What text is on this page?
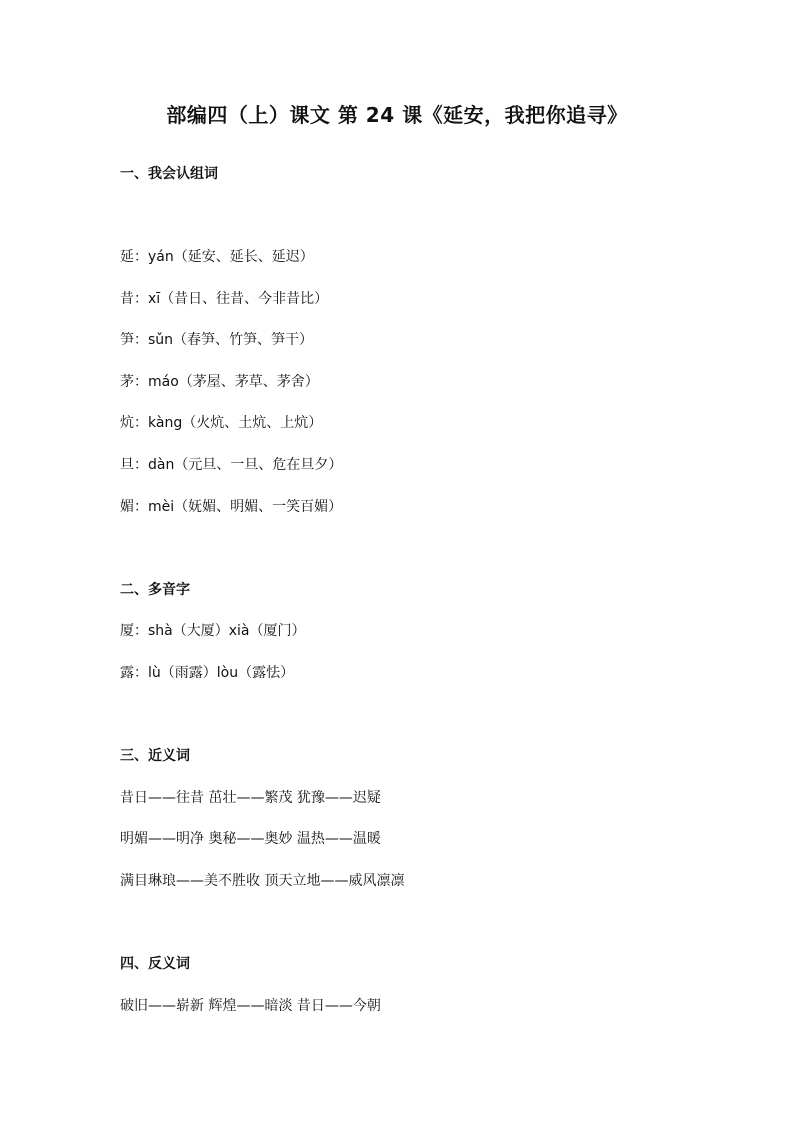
部编四（上）课文 第 24 课《延安，我把你追寻》
一、我会认组词
延：yán（延安、延长、延迟）
昔：xī（昔日、往昔、今非昔比）
笋：sǔn（春笋、竹笋、笋干）
茅：máo（茅屋、茅草、茅舍）
炕：kàng（火炕、土炕、上炕）
旦：dàn（元旦、一旦、危在旦夕）
媚：mèi（妩媚、明媚、一笑百媚）
二、多音字
厦：shà（大厦）xià（厦门）
露：lù（雨露）lòu（露怯）
三、近义词
昔日——往昔 茁壮——繁茂 犹豫——迟疑
明媚——明净 奥秘——奥妙 温热——温暖
满目琳琅——美不胜收 顶天立地——威风凛凛
四、反义词
破旧——崭新 辉煌——暗淡 昔日——今朝
